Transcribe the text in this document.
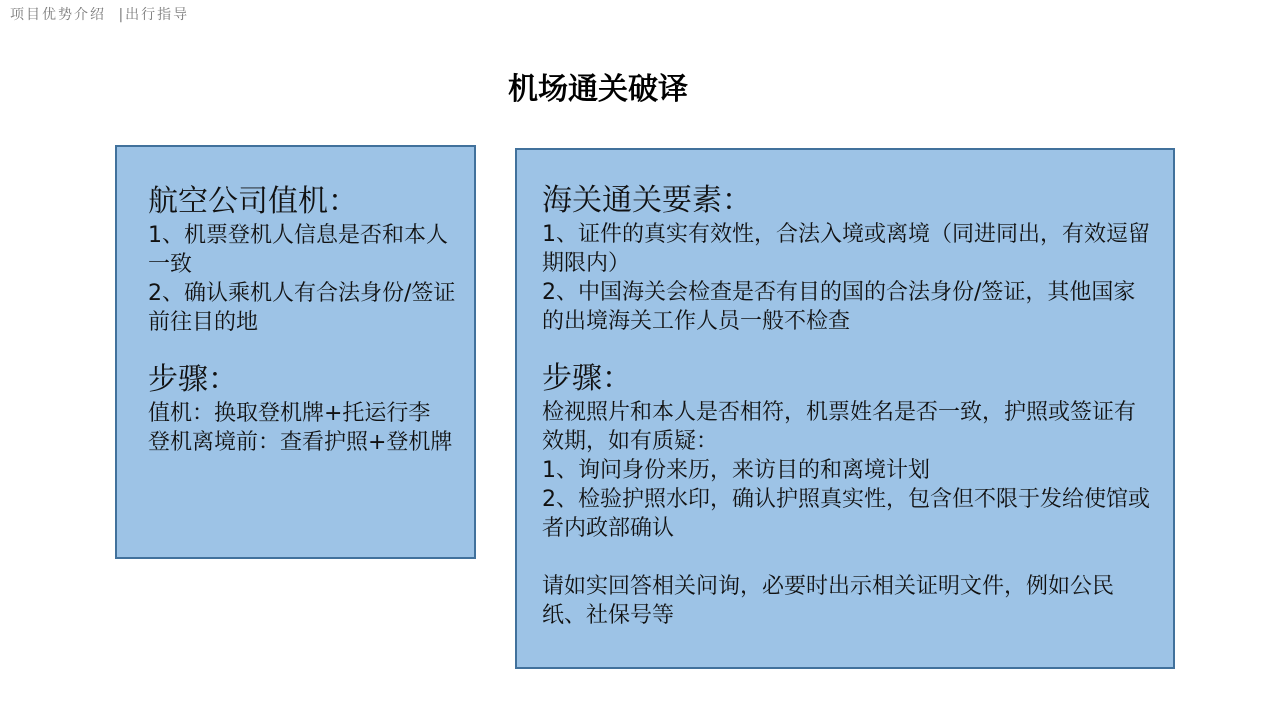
项目优势介绍 |出行指导
机场通关破译
航空公司值机：
1、机票登机人信息是否和本人一致
2、确认乘机人有合法身份/签证前往目的地
步骤：
值机：换取登机牌+托运行李
登机离境前：查看护照+登机牌
海关通关要素：
1、证件的真实有效性，合法入境或离境（同进同出，有效逗留期限内）
2、中国海关会检查是否有目的国的合法身份/签证，其他国家的出境海关工作人员一般不检查
步骤：
检视照片和本人是否相符，机票姓名是否一致，护照或签证有效期，如有质疑：
1、询问身份来历，来访目的和离境计划
2、检验护照水印，确认护照真实性，包含但不限于发给使馆或者内政部确认
请如实回答相关问询，必要时出示相关证明文件，例如公民纸、社保号等
